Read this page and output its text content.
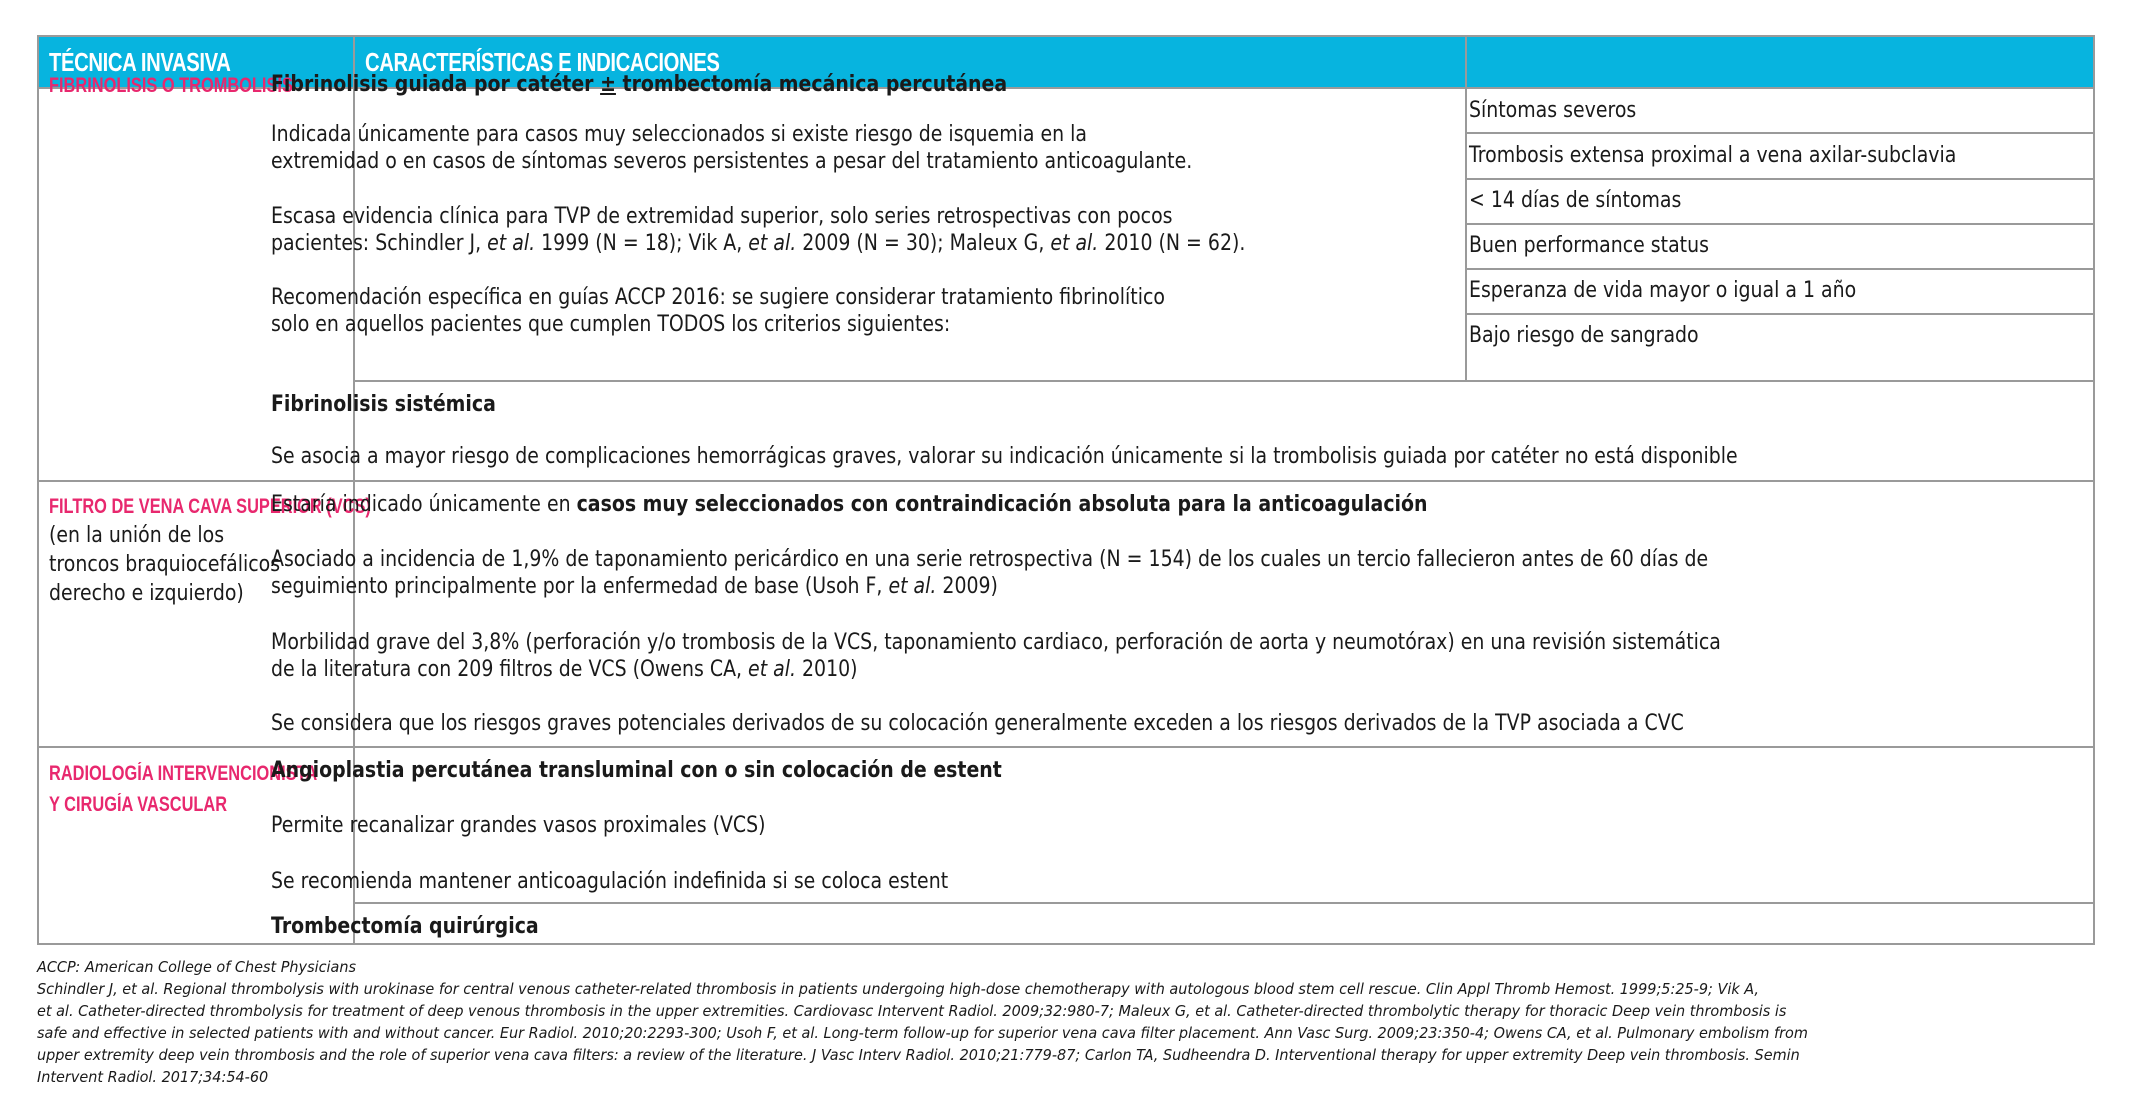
TÉCNICA INVASIVA	CARACTERÍSTICAS E INDICACIONES
FIBRINOLISIS O TROMBOLISIS
Fibrinolisis guiada por catéter ± trombectomía mecánica percutánea
Indicada únicamente para casos muy seleccionados si existe riesgo de isquemia en la
extremidad o en casos de síntomas severos persistentes a pesar del tratamiento anticoagulante.
Escasa evidencia clínica para TVP de extremidad superior, solo series retrospectivas con pocos
pacientes: Schindler J, et al. 1999 (N = 18); Vik A, et al. 2009 (N = 30); Maleux G, et al. 2010 (N = 62).
Recomendación específica en guías ACCP 2016: se sugiere considerar tratamiento fibrinolítico
solo en aquellos pacientes que cumplen TODOS los criterios siguientes:
Síntomas severos
Trombosis extensa proximal a vena axilar-subclavia
< 14 días de síntomas
Buen performance status
Esperanza de vida mayor o igual a 1 año
Bajo riesgo de sangrado
Fibrinolisis sistémica
Se asocia a mayor riesgo de complicaciones hemorrágicas graves, valorar su indicación únicamente si la trombolisis guiada por catéter no está disponible
FILTRO DE VENA CAVA SUPERIOR (VCS)
(en la unión de los
troncos braquiocefálicos
derecho e izquierdo)
Estaría indicado únicamente en casos muy seleccionados con contraindicación absoluta para la anticoagulación
Asociado a incidencia de 1,9% de taponamiento pericárdico en una serie retrospectiva (N = 154) de los cuales un tercio fallecieron antes de 60 días de
seguimiento principalmente por la enfermedad de base (Usoh F, et al. 2009)
Morbilidad grave del 3,8% (perforación y/o trombosis de la VCS, taponamiento cardiaco, perforación de aorta y neumotórax) en una revisión sistemática
de la literatura con 209 filtros de VCS (Owens CA, et al. 2010)
Se considera que los riesgos graves potenciales derivados de su colocación generalmente exceden a los riesgos derivados de la TVP asociada a CVC
RADIOLOGÍA INTERVENCIONISTA
Y CIRUGÍA VASCULAR
Angioplastia percutánea transluminal con o sin colocación de estent
Permite recanalizar grandes vasos proximales (VCS)
Se recomienda mantener anticoagulación indefinida si se coloca estent
Trombectomía quirúrgica
ACCP: American College of Chest Physicians
Schindler J, et al. Regional thrombolysis with urokinase for central venous catheter-related thrombosis in patients undergoing high-dose chemotherapy with autologous blood stem cell rescue. Clin Appl Thromb Hemost. 1999;5:25-9; Vik A,
et al. Catheter-directed thrombolysis for treatment of deep venous thrombosis in the upper extremities. Cardiovasc Intervent Radiol. 2009;32:980-7; Maleux G, et al. Catheter-directed thrombolytic therapy for thoracic Deep vein thrombosis is
safe and effective in selected patients with and without cancer. Eur Radiol. 2010;20:2293-300; Usoh F, et al. Long-term follow-up for superior vena cava filter placement. Ann Vasc Surg. 2009;23:350-4; Owens CA, et al. Pulmonary embolism from
upper extremity deep vein thrombosis and the role of superior vena cava filters: a review of the literature. J Vasc Interv Radiol. 2010;21:779-87; Carlon TA, Sudheendra D. Interventional therapy for upper extremity Deep vein thrombosis. Semin
Intervent Radiol. 2017;34:54-60
